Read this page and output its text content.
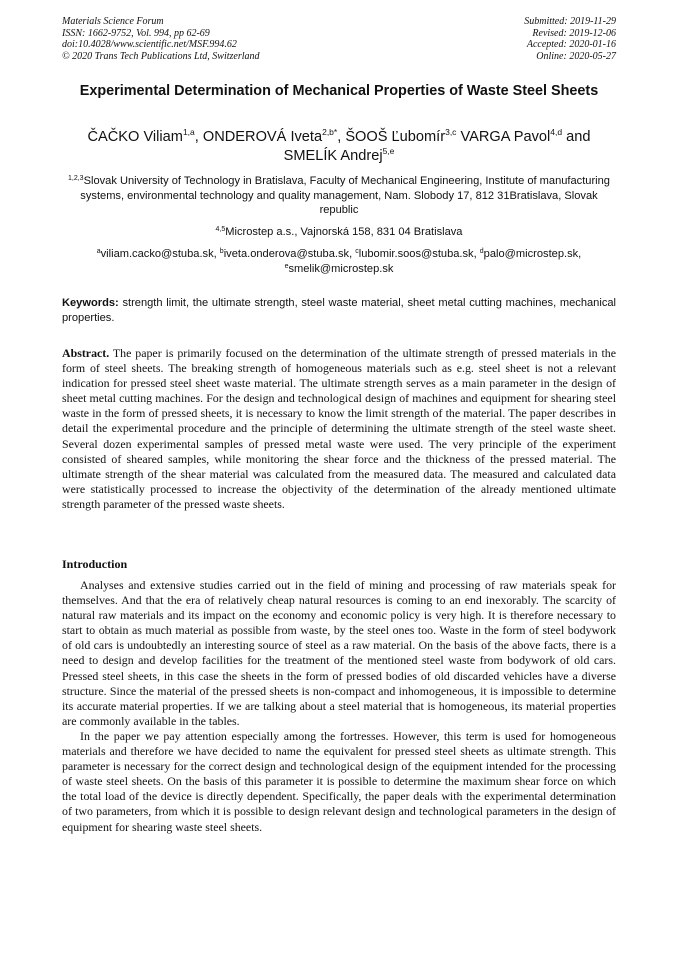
Materials Science Forum
ISSN: 1662-9752, Vol. 994, pp 62-69
doi:10.4028/www.scientific.net/MSF.994.62
© 2020 Trans Tech Publications Ltd, Switzerland
Submitted: 2019-11-29
Revised: 2019-12-06
Accepted: 2020-01-16
Online: 2020-05-27
Experimental Determination of Mechanical Properties of Waste Steel Sheets
ČAČKO Viliam$^{1,a}$, ONDEROVÁ Iveta$^{2,b*}$, ŠOOŠ Ľubomír$^{3,c}$ VARGA Pavol$^{4,d}$ and SMELÍK Andrej$^{5,e}$
$^{1,2,3}$Slovak University of Technology in Bratislava, Faculty of Mechanical Engineering, Institute of manufacturing systems, environmental technology and quality management, Nam. Slobody 17, 812 31Bratislava, Slovak republic
$^{4,5}$Microstep a.s., Vajnorská 158, 831 04 Bratislava
$^a$viliam.cacko@stuba.sk, $^b$iveta.onderova@stuba.sk, $^c$lubomir.soos@stuba.sk, $^d$palo@microstep.sk, $^e$smelik@microstep.sk
Keywords: strength limit, the ultimate strength, steel waste material, sheet metal cutting machines, mechanical properties.
Abstract. The paper is primarily focused on the determination of the ultimate strength of pressed materials in the form of steel sheets. The breaking strength of homogeneous materials such as e.g. steel sheet is not a relevant indication for pressed steel sheet waste material. The ultimate strength serves as a main parameter in the design of sheet metal cutting machines. For the design and technological design of machines and equipment for shearing steel waste in the form of pressed sheets, it is necessary to know the limit strength of the material. The paper describes in detail the experimental procedure and the principle of determining the ultimate strength of the steel waste sheet. Several dozen experimental samples of pressed metal waste were used. The very principle of the experiment consisted of sheared samples, while monitoring the shear force and the thickness of the pressed material. The ultimate strength of the shear material was calculated from the measured data. The measured and calculated data were statistically processed to increase the objectivity of the determination of the already mentioned ultimate strength parameter of the pressed waste sheets.
Introduction

Analyses and extensive studies carried out in the field of mining and processing of raw materials speak for themselves. And that the era of relatively cheap natural resources is coming to an end inexorably. The scarcity of natural raw materials and its impact on the economy and economic policy is very high. It is therefore necessary to start to obtain as much material as possible from waste, by the steel ones too. Waste in the form of steel bodywork of old cars is undoubtedly an interesting source of steel as a raw material. On the basis of the above facts, there is a need to design and develop facilities for the treatment of the mentioned steel waste from bodywork of old cars. Pressed steel sheets, in this case the sheets in the form of pressed bodies of old discarded vehicles have a diverse structure. Since the material of the pressed sheets is non-compact and inhomogeneous, it is impossible to determine its accurate material properties. If we are talking about a steel material that is homogeneous, its material properties are commonly available in the tables.

In the paper we pay attention especially among the fortresses. However, this term is used for homogeneous materials and therefore we have decided to name the equivalent for pressed steel sheets as ultimate strength. This parameter is necessary for the correct design and technological design of the equipment intended for the processing of waste steel sheets. On the basis of this parameter it is possible to determine the maximum shear force on which the total load of the device is directly dependent. Specifically, the paper deals with the experimental determination of two parameters, from which it is possible to design relevant design and technological parameters in the design of equipment for shearing waste steel sheets.
